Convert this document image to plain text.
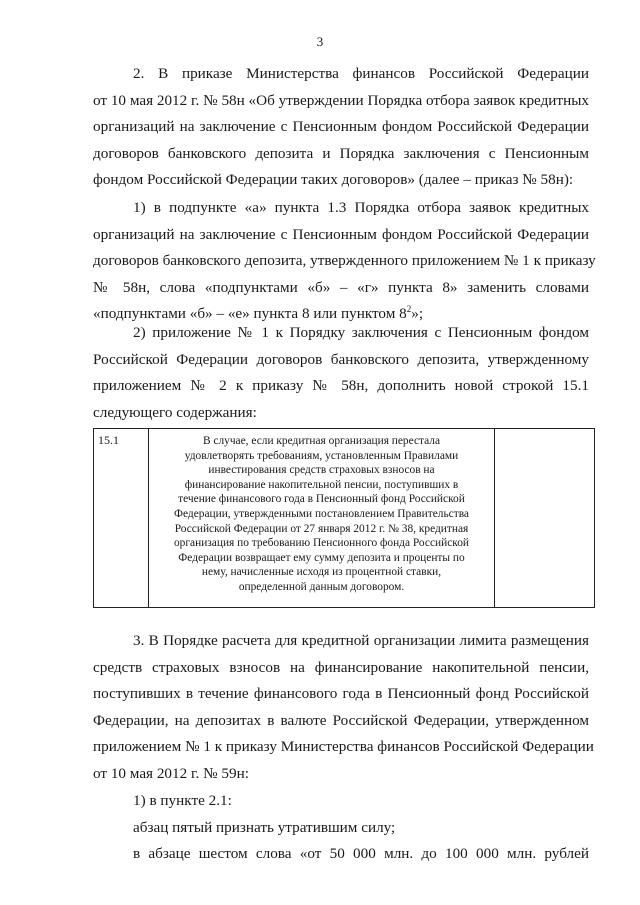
3
2. В приказе Министерства финансов Российской Федерации
от 10 мая 2012 г. № 58н «Об утверждении Порядка отбора заявок кредитных
организаций на заключение с Пенсионным фондом Российской Федерации
договоров банковского депозита и Порядка заключения с Пенсионным
фондом Российской Федерации таких договоров» (далее – приказ № 58н):
1) в подпункте «а» пункта 1.3 Порядка отбора заявок кредитных
организаций на заключение с Пенсионным фондом Российской Федерации
договоров банковского депозита, утвержденного приложением № 1 к приказу
№ 58н, слова «подпунктами «б» – «г» пункта 8» заменить словами
«подпунктами «б» – «е» пункта 8 или пунктом $8^2$»;
2) приложение № 1 к Порядку заключения с Пенсионным фондом
Российской Федерации договоров банковского депозита, утвержденному
приложением № 2 к приказу № 58н, дополнить новой строкой 15.1
следующего содержания:
15.1	В случае, если кредитная организация перестала
удовлетворять требованиям, установленным Правилами
инвестирования средств страховых взносов на
финансирование накопительной пенсии, поступивших в
течение финансового года в Пенсионный фонд Российской
Федерации, утвержденными постановлением Правительства
Российской Федерации от 27 января 2012 г. № 38, кредитная
организация по требованию Пенсионного фонда Российской
Федерации возвращает ему сумму депозита и проценты по
нему, начисленные исходя из процентной ставки,
определенной данным договором.

3. В Порядке расчета для кредитной организации лимита размещения
средств страховых взносов на финансирование накопительной пенсии,
поступивших в течение финансового года в Пенсионный фонд Российской
Федерации, на депозитах в валюте Российской Федерации, утвержденном
приложением № 1 к приказу Министерства финансов Российской Федерации
от 10 мая 2012 г. № 59н:
1) в пункте 2.1:
абзац пятый признать утратившим силу;
в абзаце шестом слова «от 50 000 млн. до 100 000 млн. рублей
